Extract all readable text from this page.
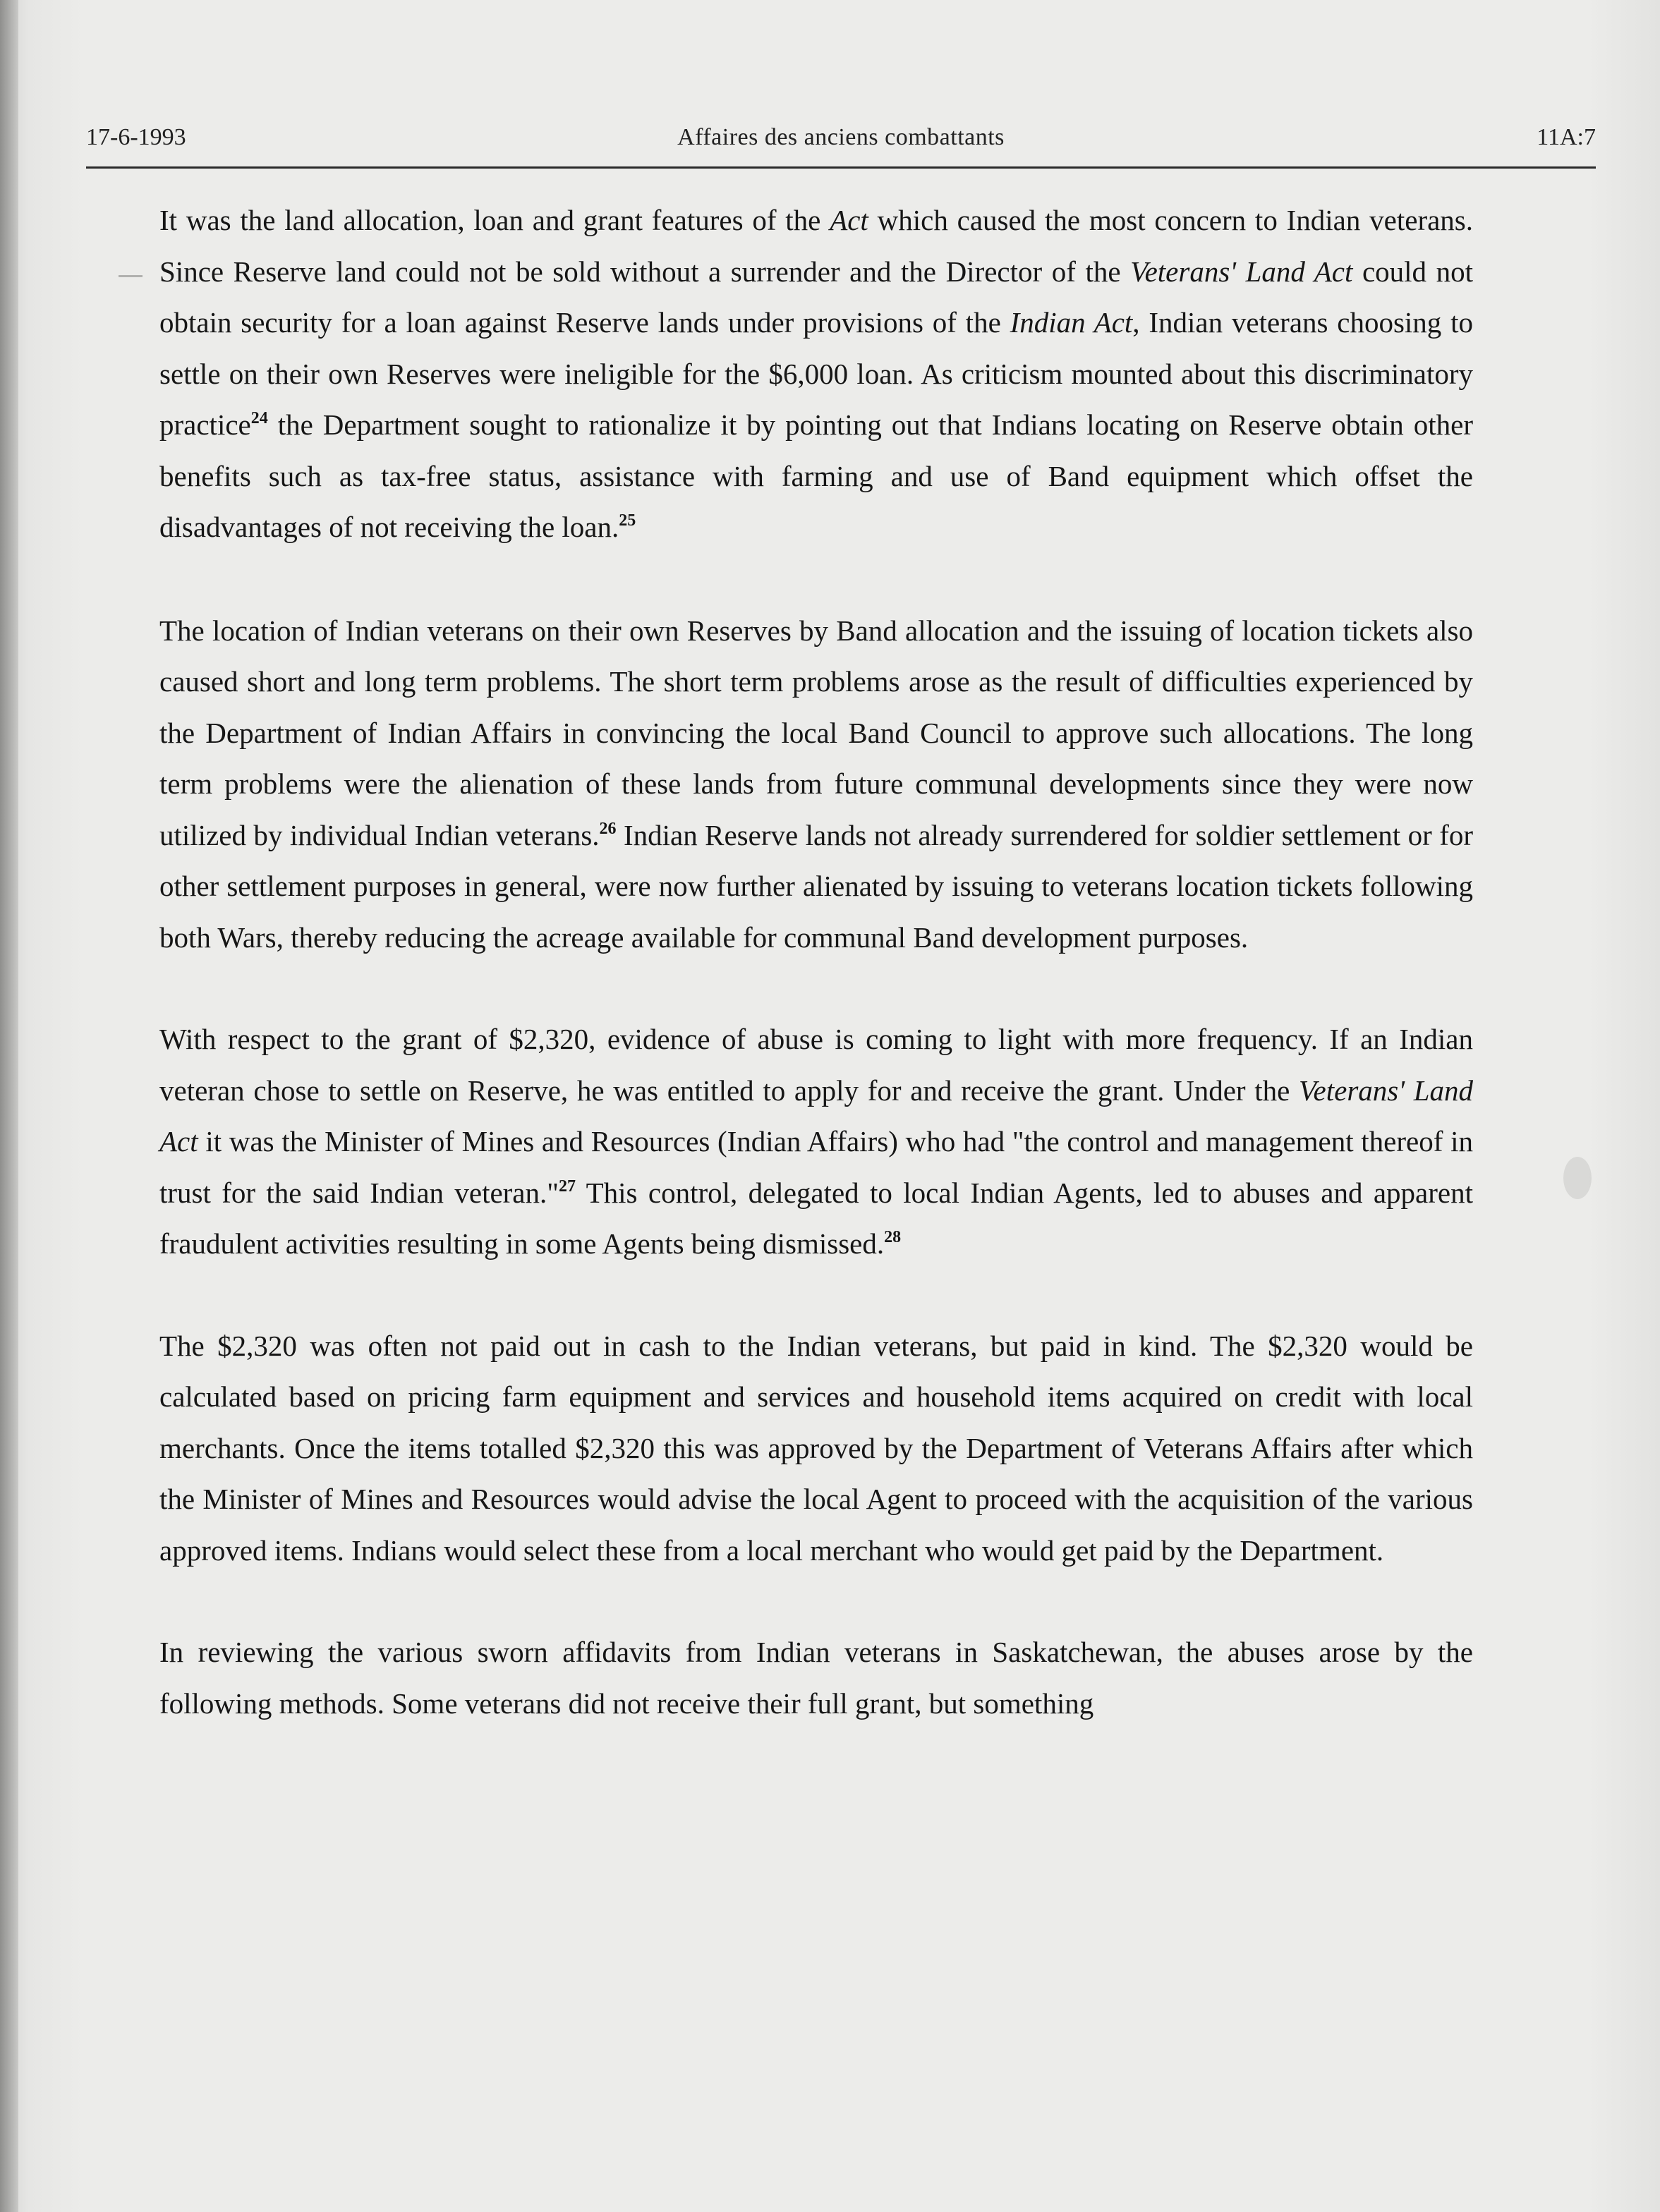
17-6-1993	Affaires des anciens combattants	11A:7

It was the land allocation, loan and grant features of the Act which caused the most concern to Indian veterans. Since Reserve land could not be sold without a surrender and the Director of the Veterans' Land Act could not obtain security for a loan against Reserve lands under provisions of the Indian Act, Indian veterans choosing to settle on their own Reserves were ineligible for the $6,000 loan. As criticism mounted about this discriminatory practice$^{24}$ the Department sought to rationalize it by pointing out that Indians locating on Reserve obtain other benefits such as tax-free status, assistance with farming and use of Band equipment which offset the disadvantages of not receiving the loan.$^{25}$

The location of Indian veterans on their own Reserves by Band allocation and the issuing of location tickets also caused short and long term problems. The short term problems arose as the result of difficulties experienced by the Department of Indian Affairs in convincing the local Band Council to approve such allocations. The long term problems were the alienation of these lands from future communal developments since they were now utilized by individual Indian veterans.$^{26}$ Indian Reserve lands not already surrendered for soldier settlement or for other settlement purposes in general, were now further alienated by issuing to veterans location tickets following both Wars, thereby reducing the acreage available for communal Band development purposes.

With respect to the grant of $2,320, evidence of abuse is coming to light with more frequency. If an Indian veteran chose to settle on Reserve, he was entitled to apply for and receive the grant. Under the Veterans' Land Act it was the Minister of Mines and Resources (Indian Affairs) who had "the control and management thereof in trust for the said Indian veteran."$^{27}$ This control, delegated to local Indian Agents, led to abuses and apparent fraudulent activities resulting in some Agents being dismissed.$^{28}$

The $2,320 was often not paid out in cash to the Indian veterans, but paid in kind. The $2,320 would be calculated based on pricing farm equipment and services and household items acquired on credit with local merchants. Once the items totalled $2,320 this was approved by the Department of Veterans Affairs after which the Minister of Mines and Resources would advise the local Agent to proceed with the acquisition of the various approved items. Indians would select these from a local merchant who would get paid by the Department.

In reviewing the various sworn affidavits from Indian veterans in Saskatchewan, the abuses arose by the following methods. Some veterans did not receive their full grant, but something
